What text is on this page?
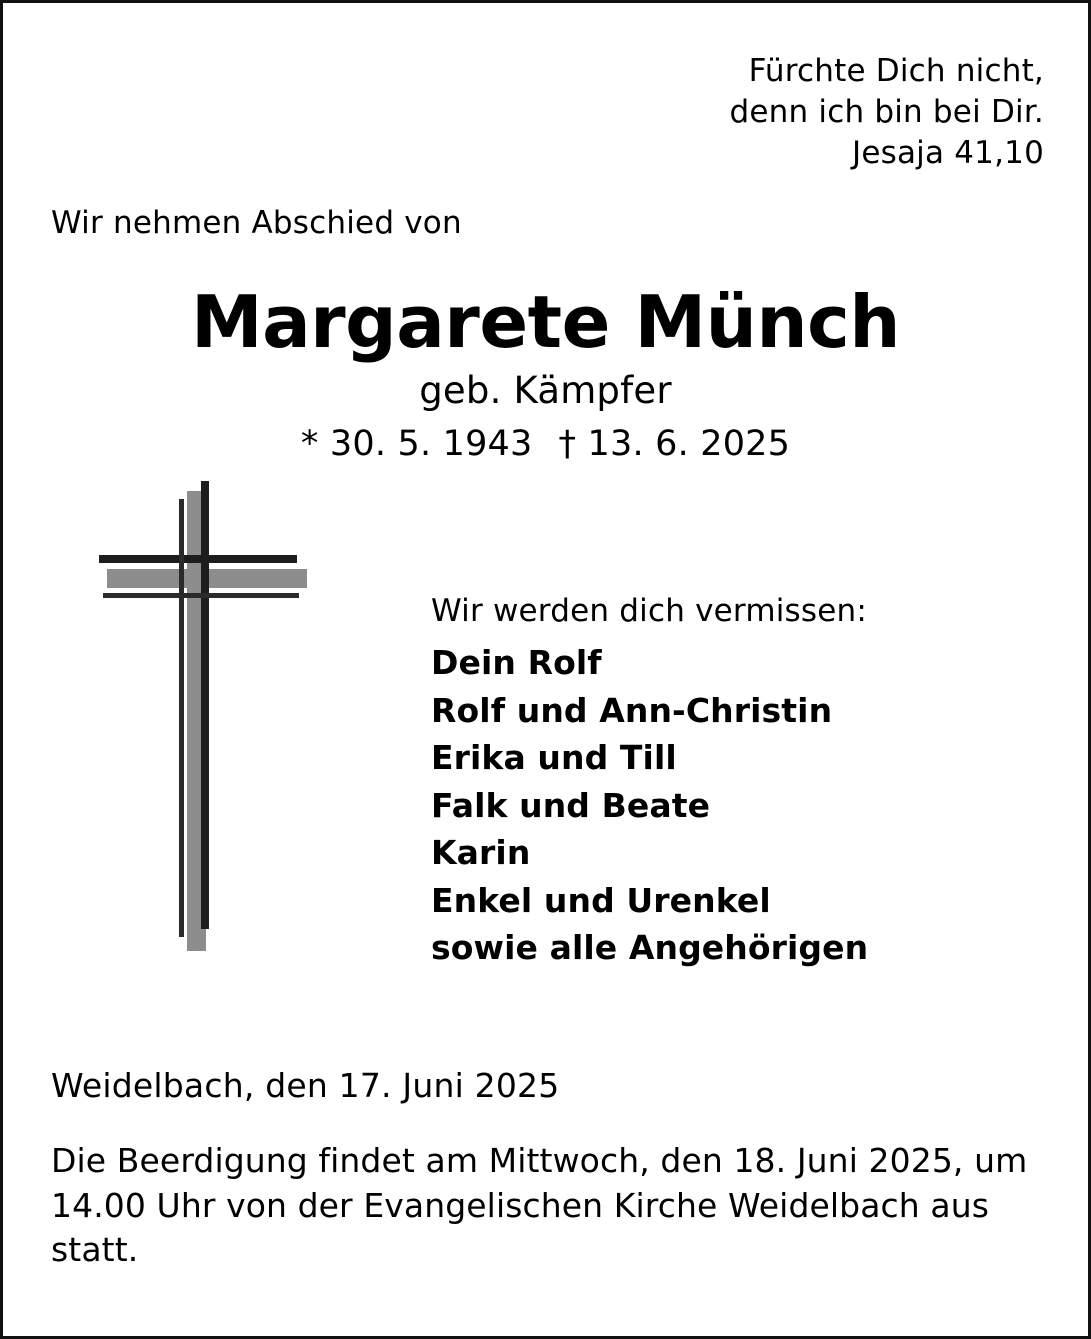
Fürchte Dich nicht,
denn ich bin bei Dir.
Jesaja 41,10
Wir nehmen Abschied von
Margarete Münch
geb. Kämpfer
* 30. 5. 1943 † 13. 6. 2025
Wir werden dich vermissen:
Dein Rolf
Rolf und Ann-Christin
Erika und Till
Falk und Beate
Karin
Enkel und Urenkel
sowie alle Angehörigen
Weidelbach, den 17. Juni 2025
Die Beerdigung findet am Mittwoch, den 18. Juni 2025, um 14.00 Uhr von der Evangelischen Kirche Weidelbach aus statt.
